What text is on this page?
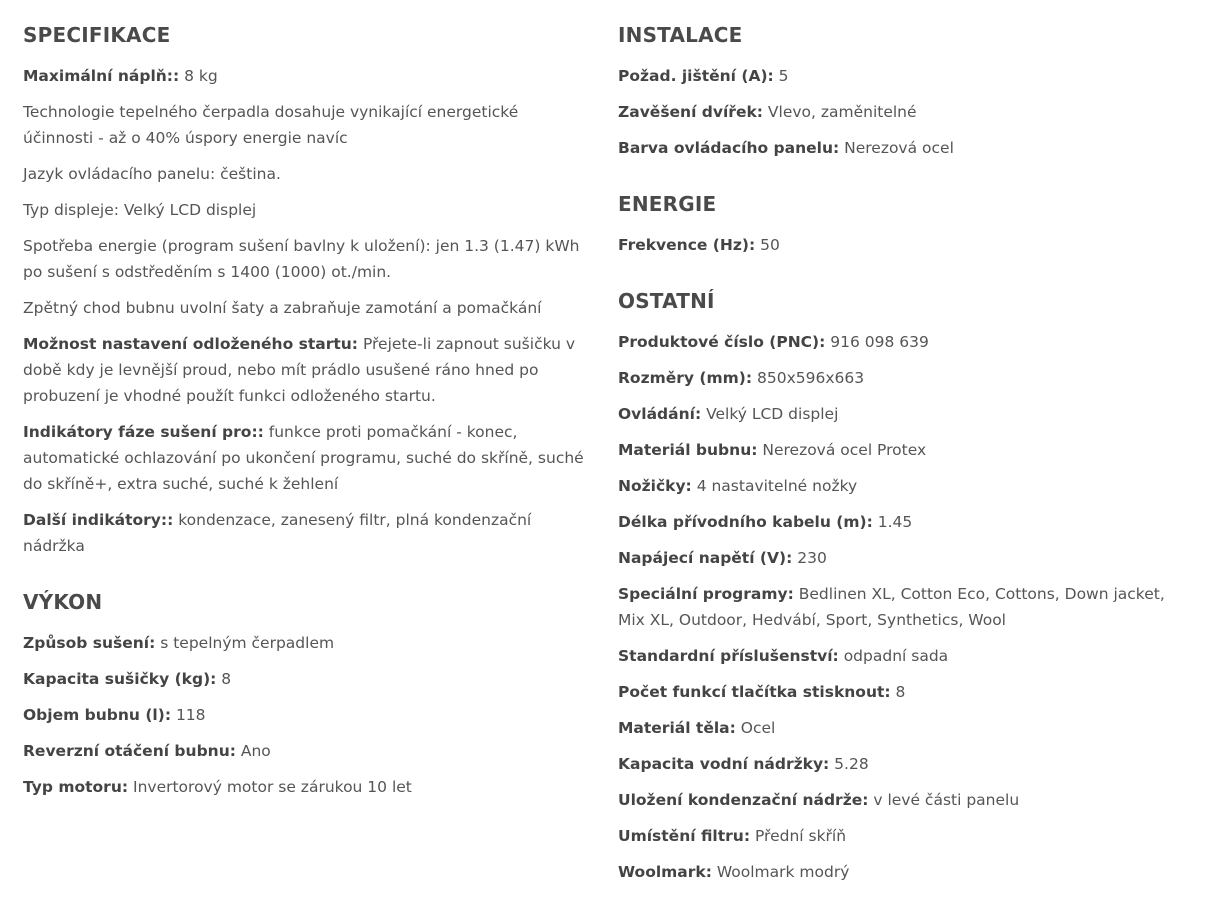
SPECIFIKACE

Maximální náplň:: 8 kg

Technologie tepelného čerpadla dosahuje vynikající energetické účinnosti - až o 40% úspory energie navíc

Jazyk ovládacího panelu: čeština.

Typ displeje: Velký LCD displej

Spotřeba energie (program sušení bavlny k uložení): jen 1.3 (1.47) kWh po sušení s odstředěním s 1400 (1000) ot./min.

Zpětný chod bubnu uvolní šaty a zabraňuje zamotání a pomačkání

Možnost nastavení odloženého startu: Přejete-li zapnout sušičku v době kdy je levnější proud, nebo mít prádlo usušené ráno hned po probuzení je vhodné použít funkci odloženého startu.

Indikátory fáze sušení pro:: funkce proti pomačkání - konec, automatické ochlazování po ukončení programu, suché do skříně, suché do skříně+, extra suché, suché k žehlení

Další indikátory:: kondenzace, zanesený filtr, plná kondenzační nádržka

VÝKON

Způsob sušení: s tepelným čerpadlem

Kapacita sušičky (kg): 8

Objem bubnu (l): 118

Reverzní otáčení bubnu: Ano

Typ motoru: Invertorový motor se zárukou 10 let

INSTALACE

Požad. jištění (A): 5

Zavěšení dvířek: Vlevo, zaměnitelné

Barva ovládacího panelu: Nerezová ocel

ENERGIE

Frekvence (Hz): 50

OSTATNÍ

Produktové číslo (PNC): 916 098 639

Rozměry (mm): 850x596x663

Ovládání: Velký LCD displej

Materiál bubnu: Nerezová ocel Protex

Nožičky: 4 nastavitelné nožky

Délka přívodního kabelu (m): 1.45

Napájecí napětí (V): 230

Speciální programy: Bedlinen XL, Cotton Eco, Cottons, Down jacket, Mix XL, Outdoor, Hedvábí, Sport, Synthetics, Wool

Standardní příslušenství: odpadní sada

Počet funkcí tlačítka stisknout: 8

Materiál těla: Ocel

Kapacita vodní nádržky: 5.28

Uložení kondenzační nádrže: v levé části panelu

Umístění filtru: Přední skříň

Woolmark: Woolmark modrý
